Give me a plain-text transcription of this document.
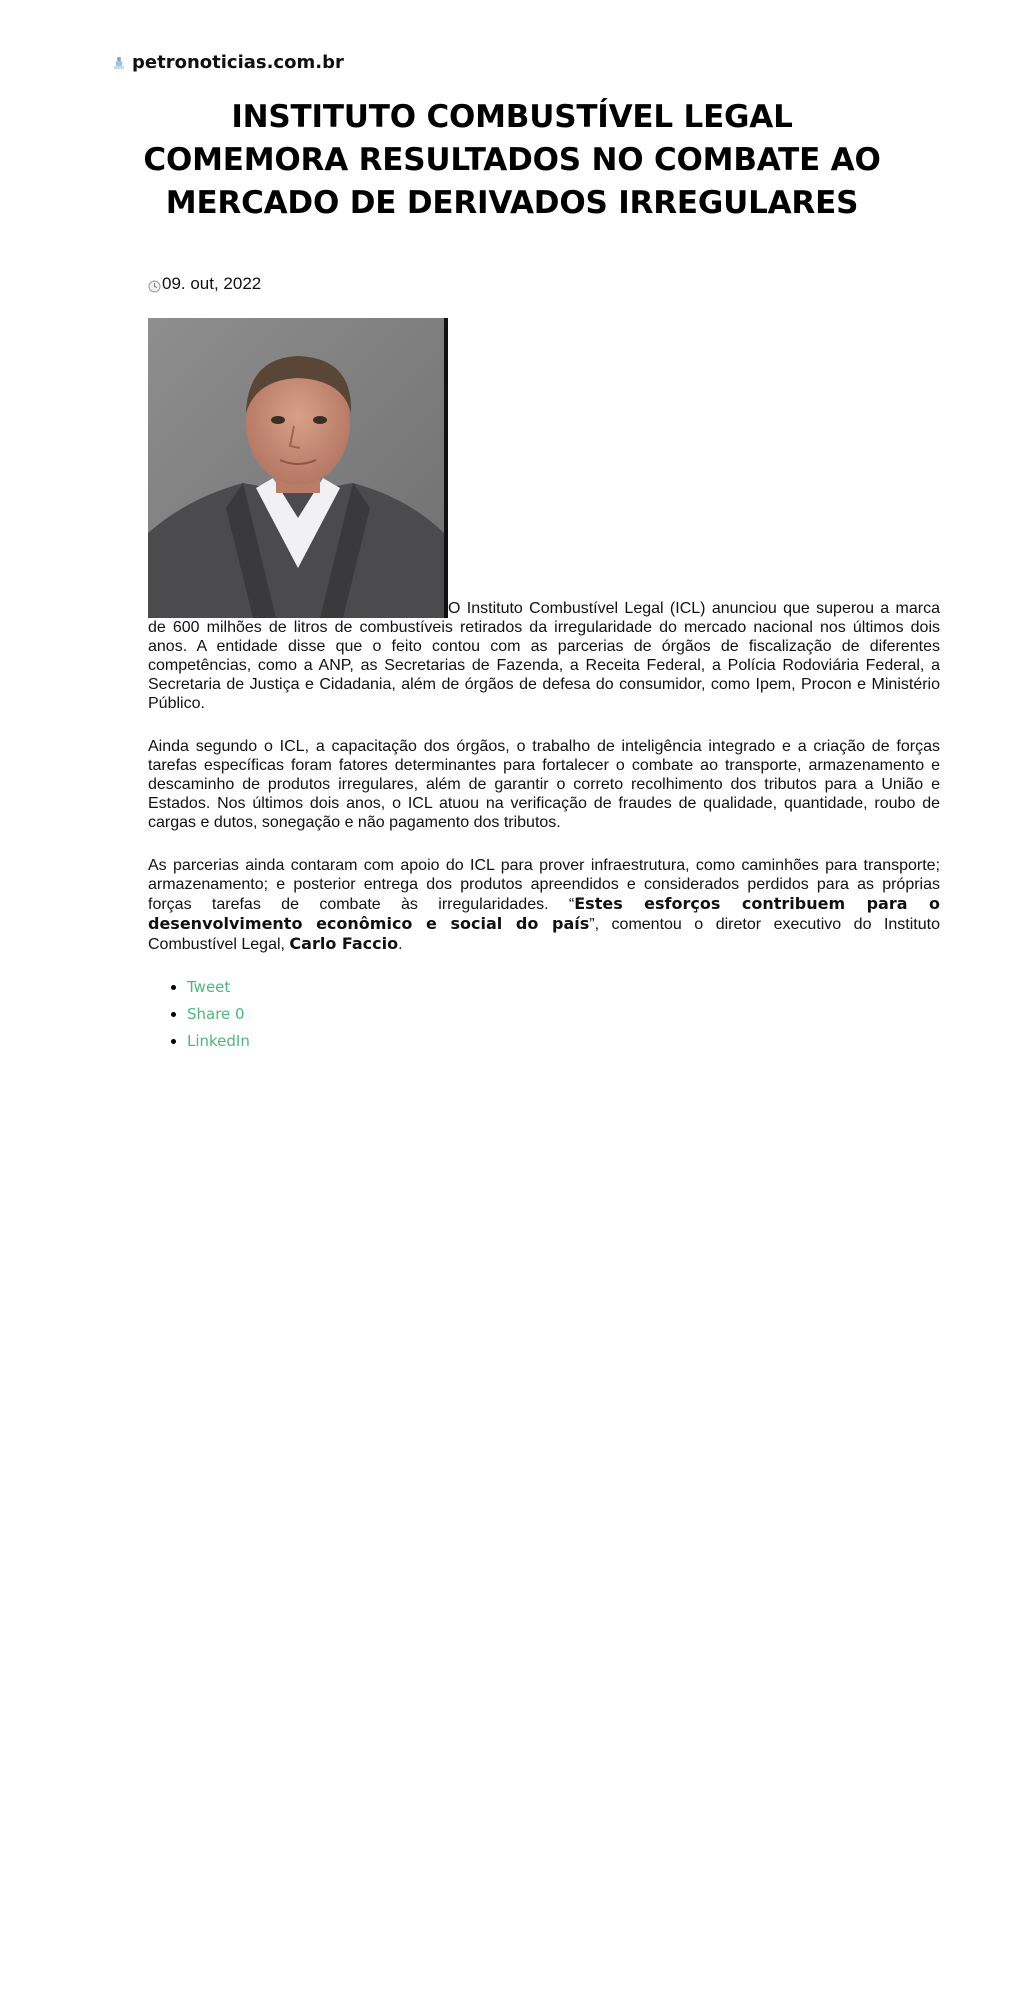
petronoticias.com.br
INSTITUTO COMBUSTÍVEL LEGAL COMEMORA RESULTADOS NO COMBATE AO MERCADO DE DERIVADOS IRREGULARES
09. out, 2022

O Instituto Combustível Legal (ICL) anunciou que superou a marca de 600 milhões de litros de combustíveis retirados da irregularidade do mercado nacional nos últimos dois anos. A entidade disse que o feito contou com as parcerias de órgãos de fiscalização de diferentes competências, como a ANP, as Secretarias de Fazenda, a Receita Federal, a Polícia Rodoviária Federal, a Secretaria de Justiça e Cidadania, além de órgãos de defesa do consumidor, como Ipem, Procon e Ministério Público.

Ainda segundo o ICL, a capacitação dos órgãos, o trabalho de inteligência integrado e a criação de forças tarefas específicas foram fatores determinantes para fortalecer o combate ao transporte, armazenamento e descaminho de produtos irregulares, além de garantir o correto recolhimento dos tributos para a União e Estados. Nos últimos dois anos, o ICL atuou na verificação de fraudes de qualidade, quantidade, roubo de cargas e dutos, sonegação e não pagamento dos tributos.

As parcerias ainda contaram com apoio do ICL para prover infraestrutura, como caminhões para transporte; armazenamento; e posterior entrega dos produtos apreendidos e considerados perdidos para as próprias forças tarefas de combate às irregularidades. “Estes esforços contribuem para o desenvolvimento econômico e social do país”, comentou o diretor executivo do Instituto Combustível Legal, Carlo Faccio.

• Tweet
• Share 0
• LinkedIn
